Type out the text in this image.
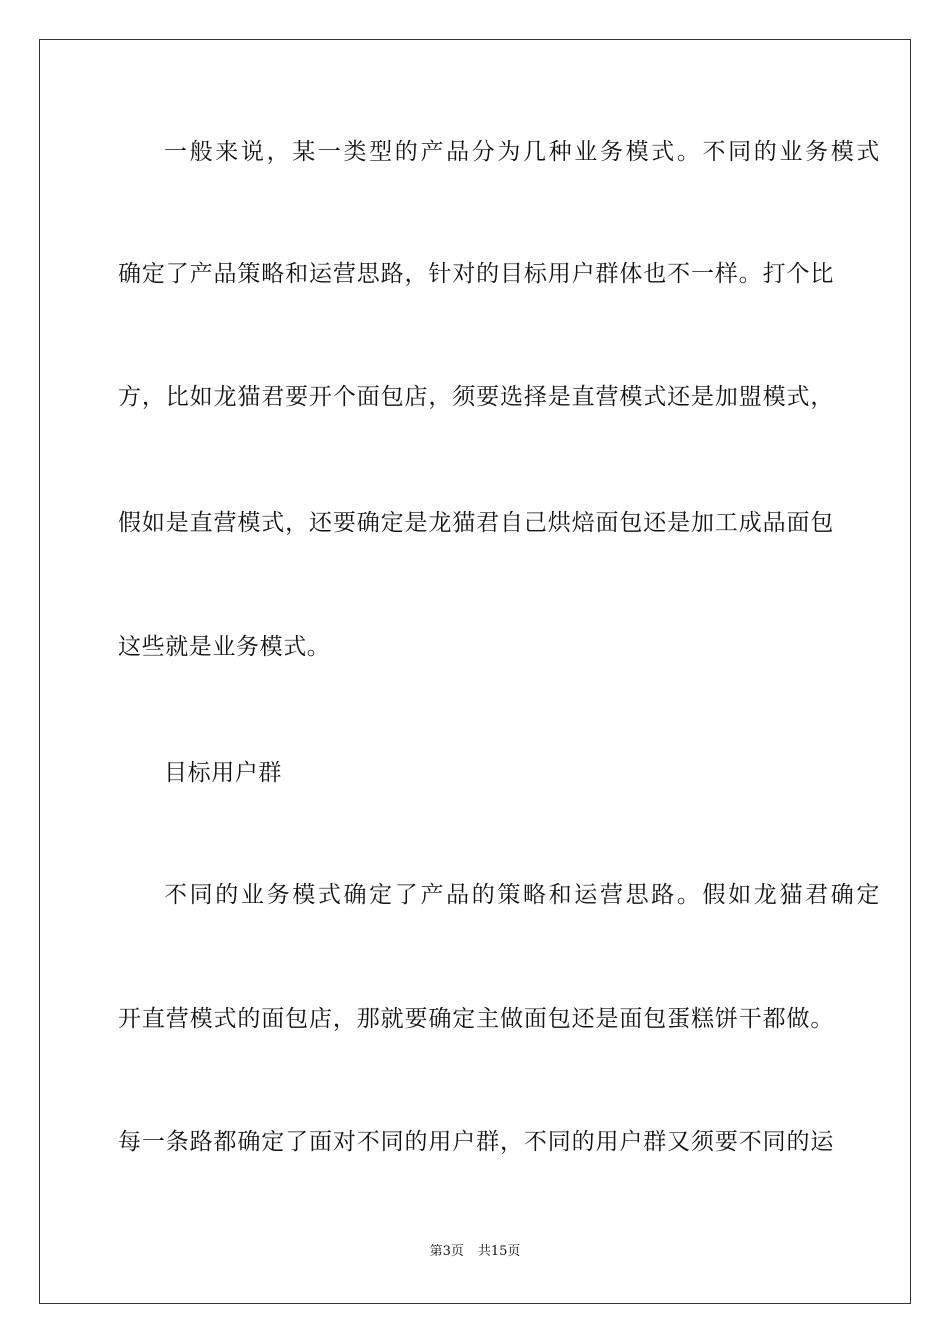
一般来说，某一类型的产品分为几种业务模式。不同的业务模式
确定了产品策略和运营思路，针对的目标用户群体也不一样。打个比
方，比如龙猫君要开个面包店，须要选择是直营模式还是加盟模式，
假如是直营模式，还要确定是龙猫君自己烘焙面包还是加工成品面包
这些就是业务模式。
目标用户群
不同的业务模式确定了产品的策略和运营思路。假如龙猫君确定
开直营模式的面包店，那就要确定主做面包还是面包蛋糕饼干都做。
每一条路都确定了面对不同的用户群，不同的用户群又须要不同的运
第3页 共15页
